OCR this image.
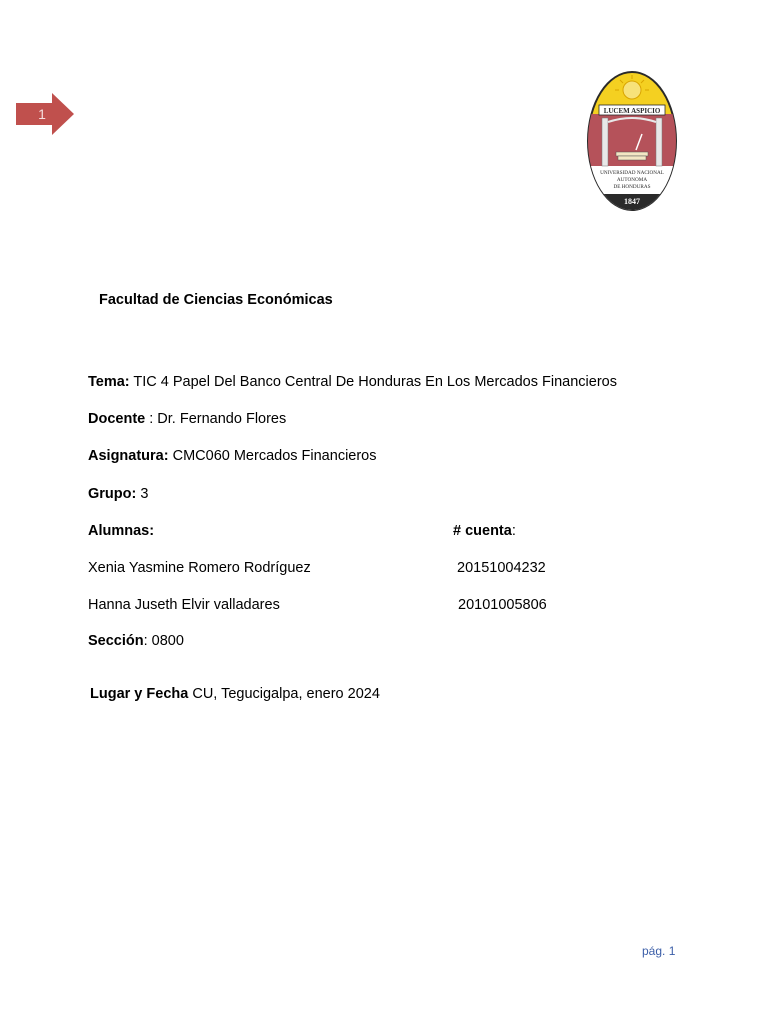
1	LUCEM ASPICIO
UNIVERSIDAD NACIONAL
AUTONOMA
DE HONDURAS
1847
Facultad de Ciencias Económicas
Tema: TIC 4 Papel Del Banco Central De Honduras En Los Mercados Financieros
Docente : Dr. Fernando Flores
Asignatura: CMC060 Mercados Financieros
Grupo: 3
Alumnas:	# cuenta:
Xenia Yasmine Romero Rodríguez	20151004232
Hanna Juseth Elvir valladares	20101005806
Sección: 0800
Lugar y Fecha CU, Tegucigalpa, enero 2024
pág. 1
